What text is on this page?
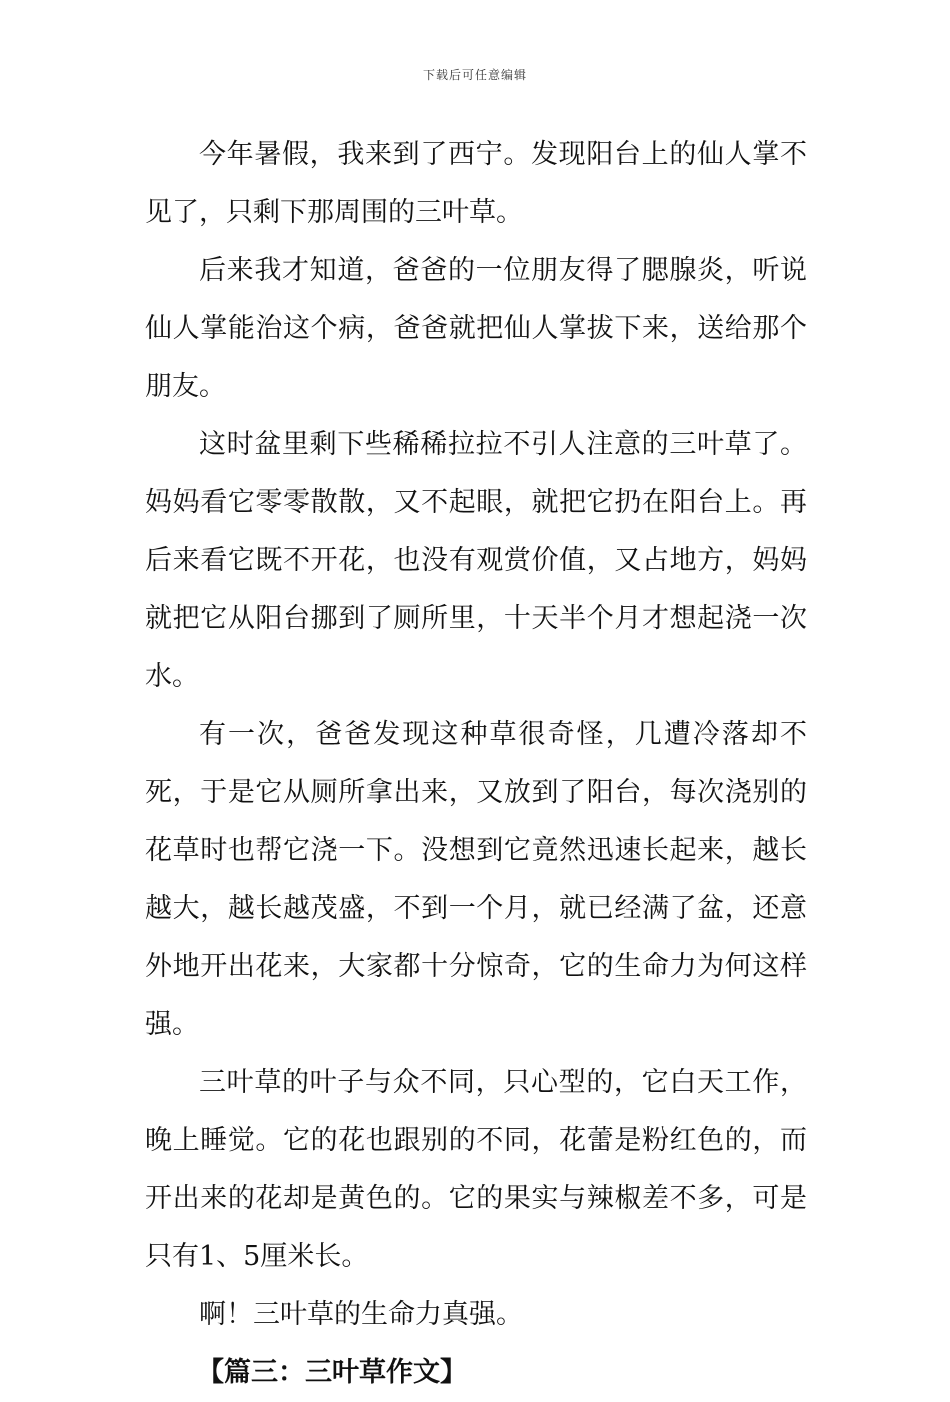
下载后可任意编辑

今年暑假，我来到了西宁。发现阳台上的仙人掌不见了，只剩下那周围的三叶草。

后来我才知道，爸爸的一位朋友得了腮腺炎，听说仙人掌能治这个病，爸爸就把仙人掌拔下来，送给那个朋友。

这时盆里剩下些稀稀拉拉不引人注意的三叶草了。妈妈看它零零散散，又不起眼，就把它扔在阳台上。再后来看它既不开花，也没有观赏价值，又占地方，妈妈就把它从阳台挪到了厕所里，十天半个月才想起浇一次水。

有一次，爸爸发现这种草很奇怪，几遭冷落却不死，于是它从厕所拿出来，又放到了阳台，每次浇别的花草时也帮它浇一下。没想到它竟然迅速长起来，越长越大，越长越茂盛，不到一个月，就已经满了盆，还意外地开出花来，大家都十分惊奇，它的生命力为何这样强。

三叶草的叶子与众不同，只心型的，它白天工作，晚上睡觉。它的花也跟别的不同，花蕾是粉红色的，而开出来的花却是黄色的。它的果实与辣椒差不多，可是只有1、5厘米长。

啊！三叶草的生命力真强。

【篇三：三叶草作文】
